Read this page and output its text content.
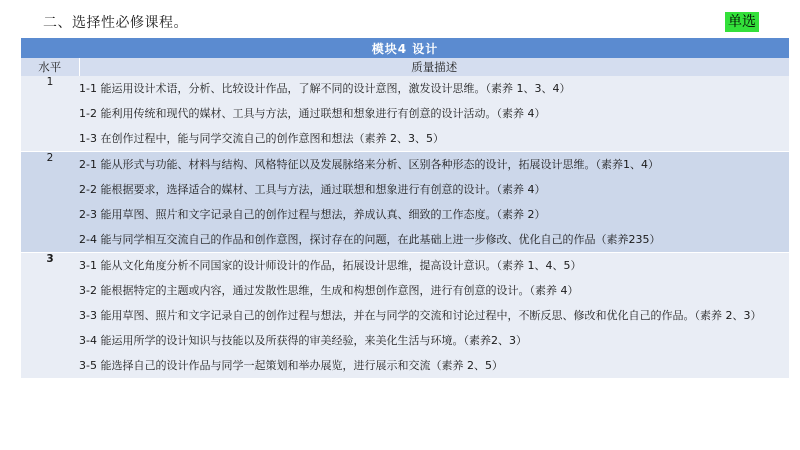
二、选择性必修课程。	单选
模块4 设计	
水平	质量描述
1	1-1 能运用设计术语，分析、比较设计作品，了解不同的设计意图，激发设计思维。（素养 1、3、4）
1-2 能利用传统和现代的媒材、工具与方法，通过联想和想象进行有创意的设计活动。（素养 4）
1-3 在创作过程中，能与同学交流自己的创作意图和想法（素养 2、3、5）

2	2-1 能从形式与功能、材料与结构、风格特征以及发展脉络来分析、区别各种形态的设计，拓展设计思维。（素养1、4）
2-2 能根据要求，选择适合的媒材、工具与方法，通过联想和想象进行有创意的设计。（素养 4）
2-3 能用草图、照片和文字记录自己的创作过程与想法，养成认真、细致的工作态度。（素养 2）
2-4 能与同学相互交流自己的作品和创作意图，探讨存在的问题，在此基础上进一步修改、优化自己的作品（素养235）

3	3-1 能从文化角度分析不同国家的设计师设计的作品，拓展设计思维，提高设计意识。（素养 1、4、5）
3-2 能根据特定的主题或内容，通过发散性思维，生成和构想创作意图，进行有创意的设计。（素养 4）
3-3 能用草图、照片和文字记录自己的创作过程与想法，并在与同学的交流和讨论过程中，不断反思、修改和优化自己的作品。（素养 2、3）
3-4 能运用所学的设计知识与技能以及所获得的审美经验，来美化生活与环境。（素养2、3）
3-5 能选择自己的设计作品与同学一起策划和举办展览，进行展示和交流（素养 2、5）
